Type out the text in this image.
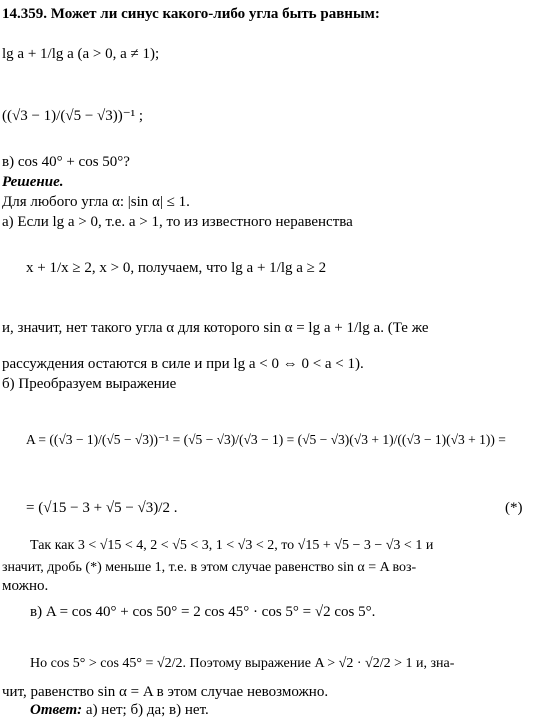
14.359. Может ли синус какого-либо угла быть равным:
lg a + 1/lg a (a > 0, a ≠ 1);
((√3 − 1)/(√5 − √3))⁻¹ ;
в) cos 40° + cos 50°?
Решение.
Для любого угла α: |sin α| ≤ 1.
а) Если lg a > 0, т.е. a > 1, то из известного неравенства
x + 1/x ≥ 2, x > 0, получаем, что lg a + 1/lg a ≥ 2
и, значит, нет такого угла α для которого sin α = lg a + 1/lg a. (Те же
рассуждения остаются в силе и при lg a < 0 ⇔ 0 < a < 1).
б) Преобразуем выражение
A = ((√3 − 1)/(√5 − √3))⁻¹ = (√5 − √3)/(√3 − 1) = (√5 − √3)(√3 + 1)/((√3 − 1)(√3 + 1)) =
= (√15 − 3 + √5 − √3)/2 .	(*)
Так как 3 < √15 < 4, 2 < √5 < 3, 1 < √3 < 2, то √15 + √5 − 3 − √3 < 1 и
значит, дробь (*) меньше 1, т.е. в этом случае равенство sin α = A воз-
можно.
в) A = cos 40° + cos 50° = 2 cos 45° · cos 5° = √2 cos 5°.
Но cos 5° > cos 45° = √2/2. Поэтому выражение A > √2 · √2/2 > 1 и, зна-
чит, равенство sin α = A в этом случае невозможно.
Ответ: а) нет; б) да; в) нет.
